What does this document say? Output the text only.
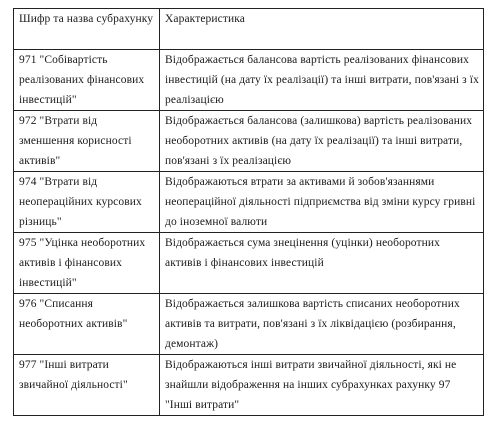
Шифр та назва субрахунку	Характеристика
971 "Собівартість реалізованих фінансових інвестицій"	Відображається балансова вартість реалізованих фінансових інвестицій (на дату їх реалізації) та інші витрати, пов'язані з їх реалізацією
972 "Втрати від зменшення корисності активів"	Відображається балансова (залишкова) вартість реалізованих необоротних активів (на дату їх реалізації) та інші витрати, пов'язані з їх реалізацією
974 "Втрати від неопераційних курсових різниць"	Відображаються втрати за активами й зобов'язаннями неопераційної діяльності підприємства від зміни курсу гривні до іноземної валюти
975 "Уцінка необоротних активів і фінансових інвестицій"	Відображається сума знецінення (уцінки) необоротних активів і фінансових інвестицій
976 "Списання необоротних активів"	Відображається залишкова вартість списаних необоротних активів та витрати, пов'язані з їх ліквідацією (розбирання, демонтаж)
977 "Інші витрати звичайної діяльності"	Відображаються інші витрати звичайної діяльності, які не знайшли відображення на інших субрахунках рахунку 97 "Інші витрати"
